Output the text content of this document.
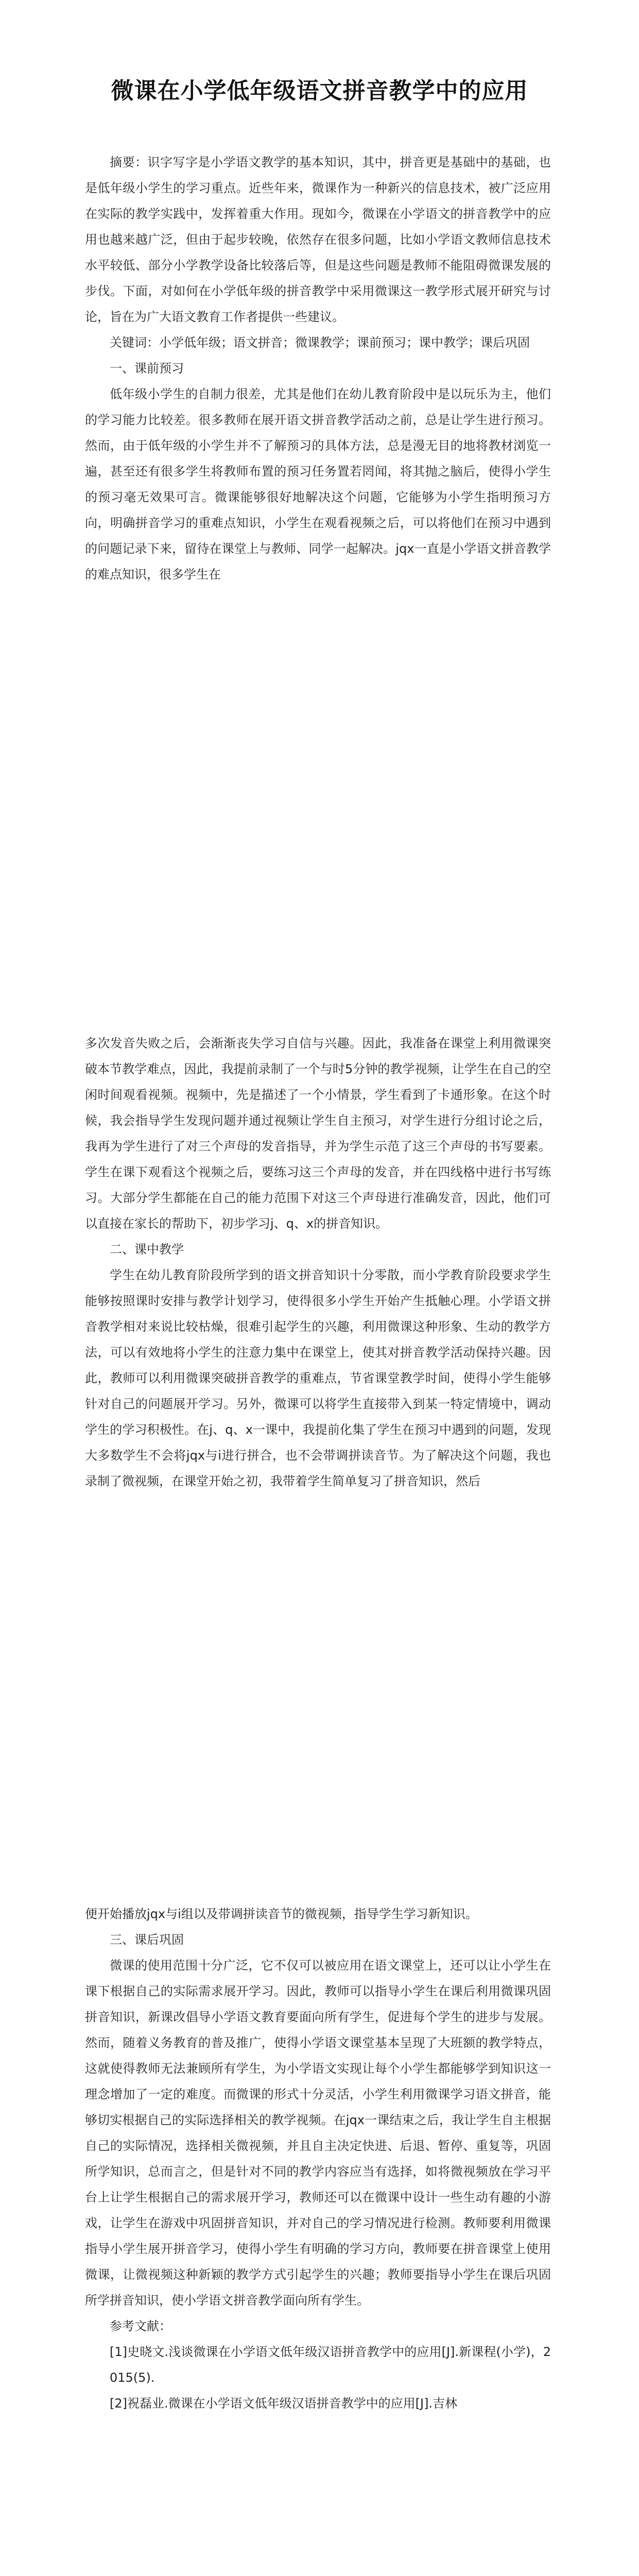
微课在小学低年级语文拼音教学中的应用

摘要：识字写字是小学语文教学的基本知识，其中，拼音更是基础中的基础，也是低年级小学生的学习重点。近些年来，微课作为一种新兴的信息技术，被广泛应用在实际的教学实践中，发挥着重大作用。现如今，微课在小学语文的拼音教学中的应用也越来越广泛，但由于起步较晚，依然存在很多问题，比如小学语文教师信息技术水平较低、部分小学教学设备比较落后等，但是这些问题是教师不能阻碍微课发展的步伐。下面，对如何在小学低年级的拼音教学中采用微课这一教学形式展开研究与讨论，旨在为广大语文教育工作者提供一些建议。

关键词：小学低年级；语文拼音；微课教学；课前预习；课中教学；课后巩固

一、课前预习

低年级小学生的自制力很差，尤其是他们在幼儿教育阶段中是以玩乐为主，他们的学习能力比较差。很多教师在展开语文拼音教学活动之前，总是让学生进行预习。然而，由于低年级的小学生并不了解预习的具体方法，总是漫无目的地将教材浏览一遍，甚至还有很多学生将教师布置的预习任务置若罔闻，将其抛之脑后，使得小学生的预习毫无效果可言。微课能够很好地解决这个问题，它能够为小学生指明预习方向，明确拼音学习的重难点知识，小学生在观看视频之后，可以将他们在预习中遇到的问题记录下来，留待在课堂上与教师、同学一起解决。jqx一直是小学语文拼音教学的难点知识，很多学生在

多次发音失败之后，会渐渐丧失学习自信与兴趣。因此，我准备在课堂上利用微课突破本节教学难点，因此，我提前录制了一个与时5分钟的教学视频，让学生在自己的空闲时间观看视频。视频中，先是描述了一个小情景，学生看到了卡通形象。在这个时候，我会指导学生发现问题并通过视频让学生自主预习，对学生进行分组讨论之后，我再为学生进行了对三个声母的发音指导，并为学生示范了这三个声母的书写要素。学生在课下观看这个视频之后，要练习这三个声母的发音，并在四线格中进行书写练习。大部分学生都能在自己的能力范围下对这三个声母进行准确发音，因此，他们可以直接在家长的帮助下，初步学习j、q、x的拼音知识。

二、课中教学

学生在幼儿教育阶段所学到的语文拼音知识十分零散，而小学教育阶段要求学生能够按照课时安排与教学计划学习，使得很多小学生开始产生抵触心理。小学语文拼音教学相对来说比较枯燥，很难引起学生的兴趣，利用微课这种形象、生动的教学方法，可以有效地将小学生的注意力集中在课堂上，使其对拼音教学活动保持兴趣。因此，教师可以利用微课突破拼音教学的重难点，节省课堂教学时间，使得小学生能够针对自己的问题展开学习。另外，微课可以将学生直接带入到某一特定情境中，调动学生的学习积极性。在j、q、x一课中，我提前化集了学生在预习中遇到的问题，发现大多数学生不会将jqx与i进行拼合，也不会带调拼读音节。为了解决这个问题，我也录制了微视频，在课堂开始之初，我带着学生简单复习了拼音知识，然后

便开始播放jqx与i组以及带调拼读音节的微视频，指导学生学习新知识。

三、课后巩固

微课的使用范围十分广泛，它不仅可以被应用在语文课堂上，还可以让小学生在课下根据自己的实际需求展开学习。因此，教师可以指导小学生在课后利用微课巩固拼音知识，新课改倡导小学语文教育要面向所有学生，促进每个学生的进步与发展。然而，随着义务教育的普及推广，使得小学语文课堂基本呈现了大班额的教学特点，这就使得教师无法兼顾所有学生，为小学语文实现让每个小学生都能够学到知识这一理念增加了一定的难度。而微课的形式十分灵活，小学生利用微课学习语文拼音，能够切实根据自己的实际选择相关的教学视频。在jqx一课结束之后，我让学生自主根据自己的实际情况，选择相关微视频，并且自主决定快进、后退、暂停、重复等，巩固所学知识，总而言之，但是针对不同的教学内容应当有选择，如将微视频放在学习平台上让学生根据自己的需求展开学习，教师还可以在微课中设计一些生动有趣的小游戏，让学生在游戏中巩固拼音知识，并对自己的学习情况进行检测。教师要利用微课指导小学生展开拼音学习，使得小学生有明确的学习方向，教师要在拼音课堂上使用微课，让微视频这种新颖的教学方式引起学生的兴趣；教师要指导小学生在课后巩固所学拼音知识，使小学语文拼音教学面向所有学生。

参考文献：

[1]史晓文.浅谈微课在小学语文低年级汉语拼音教学中的应用[J].新课程(小学)，2015(5).

[2]祝磊业.微课在小学语文低年级汉语拼音教学中的应用[J].吉林
